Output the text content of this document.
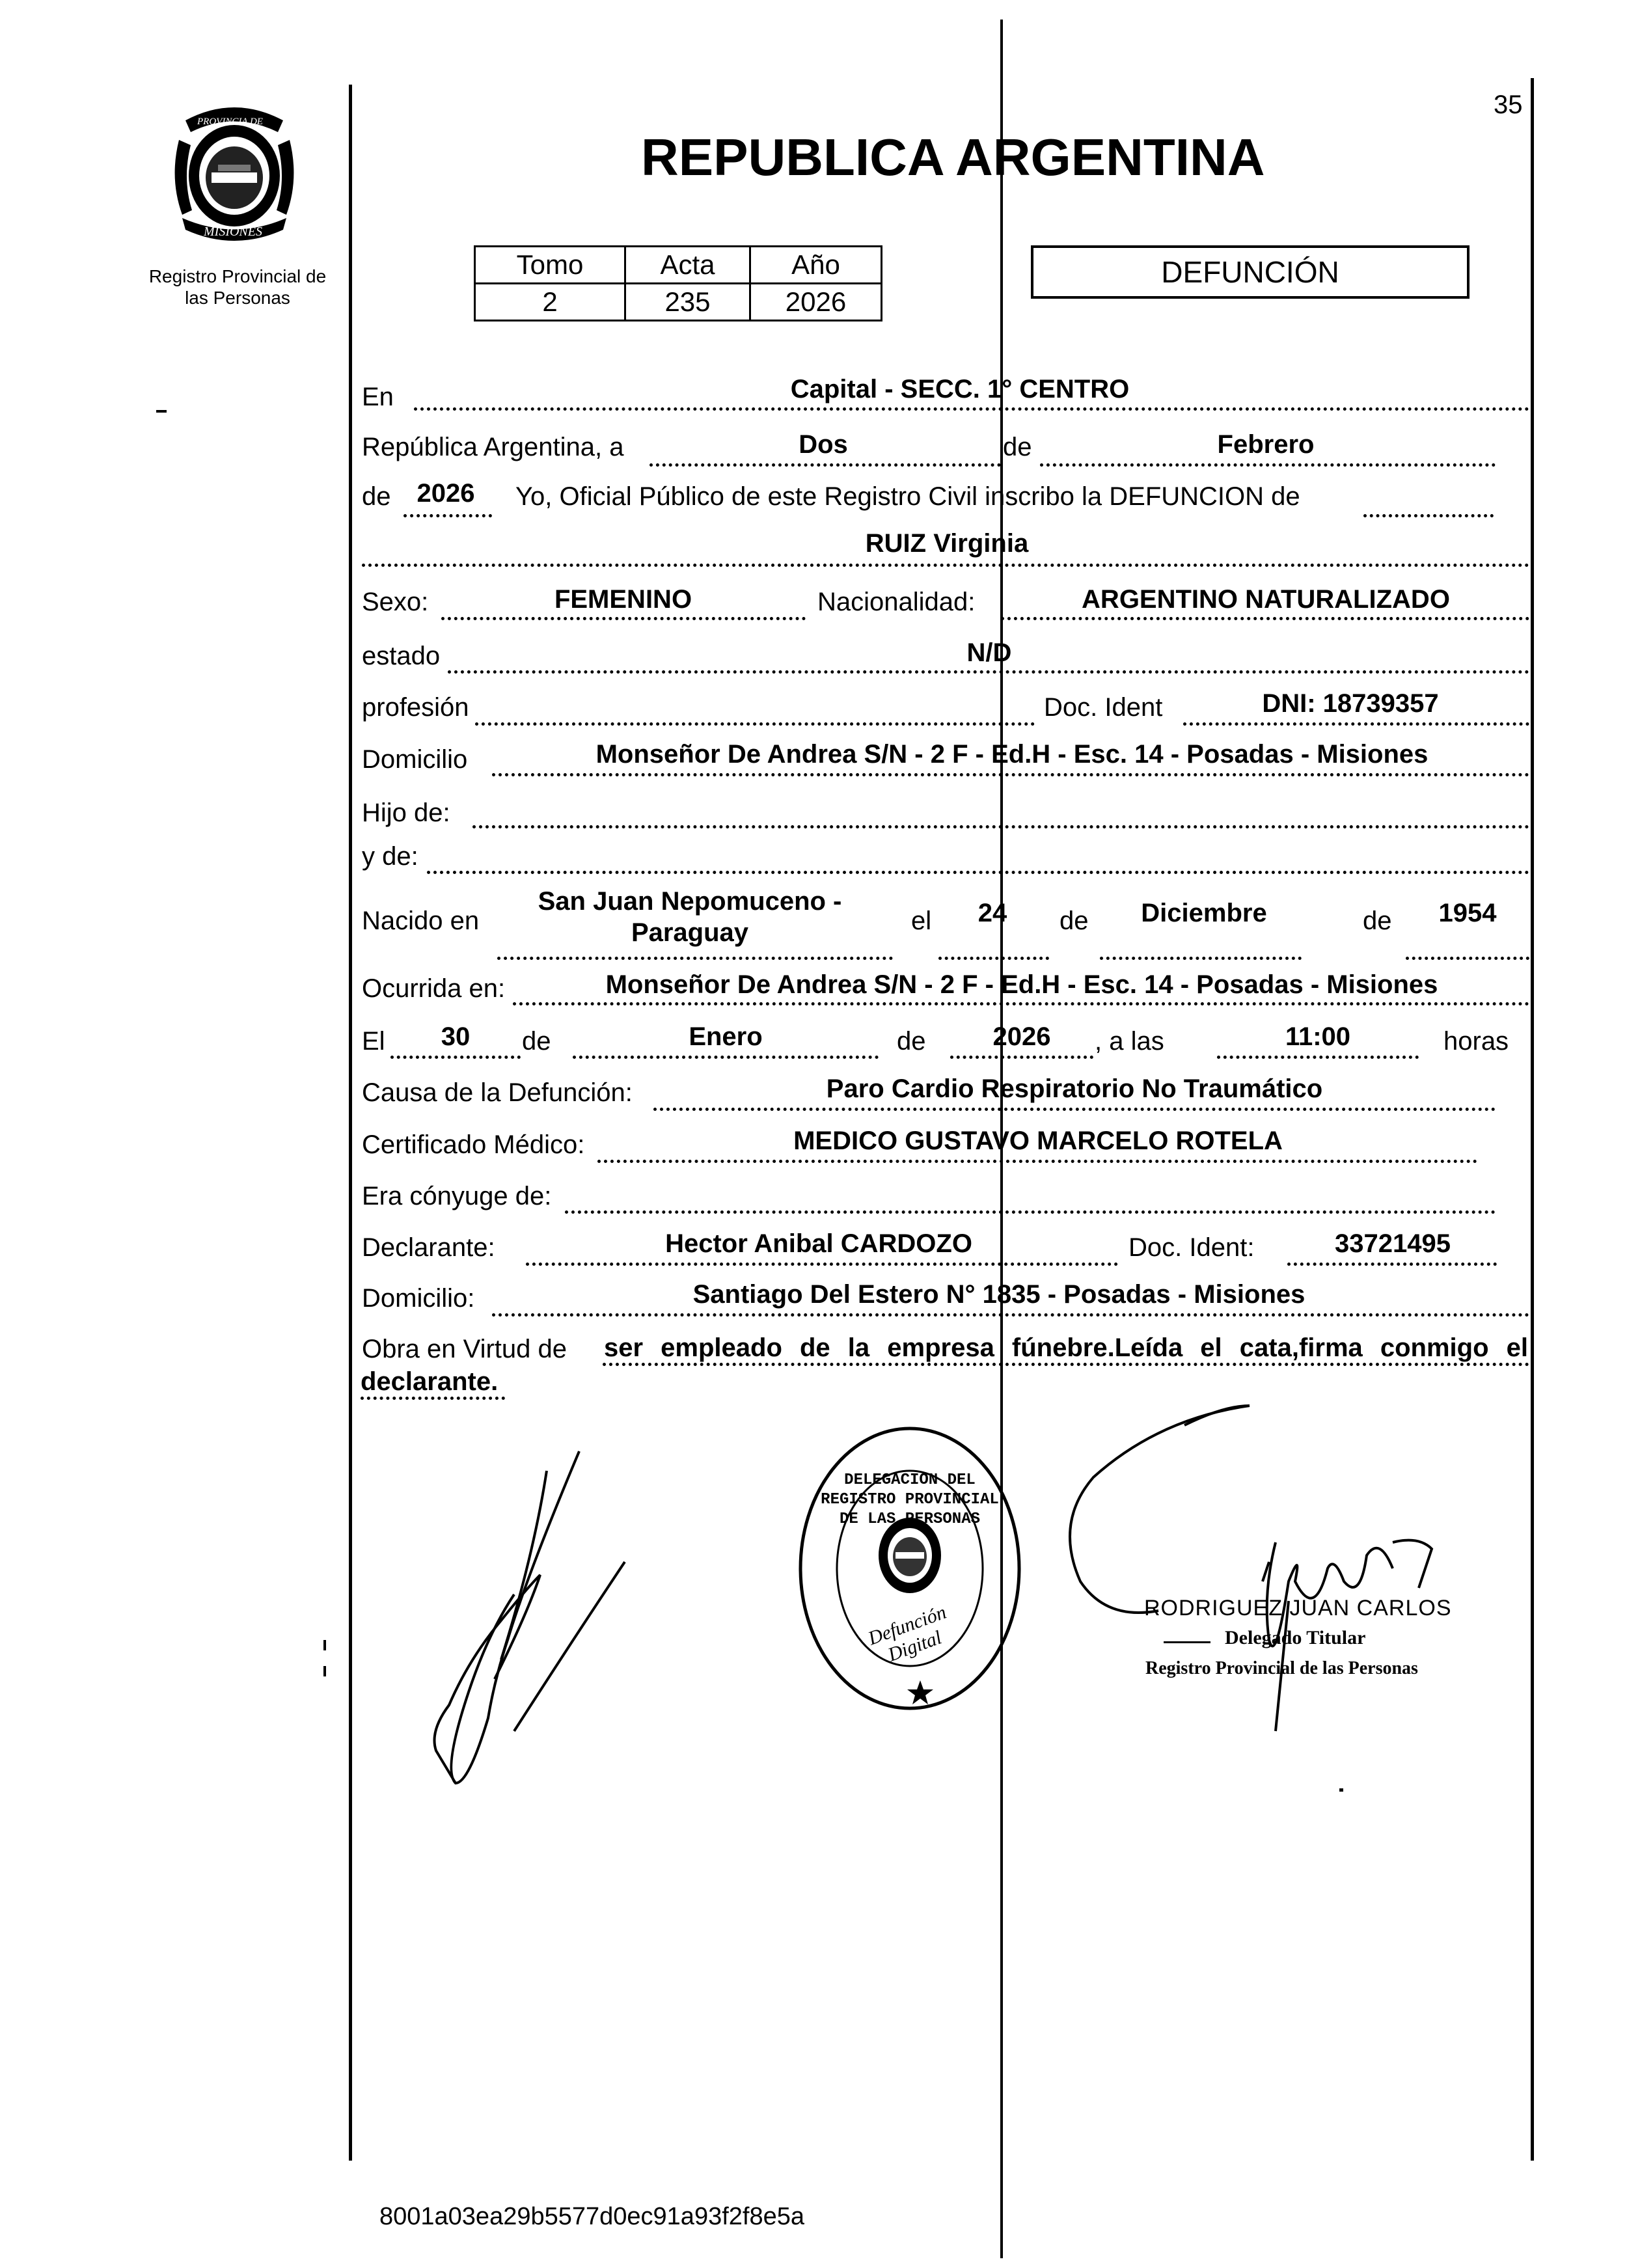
35
PROVINCIA DE
MISIONES
Registro Provincial de
las Personas
REPUBLICA ARGENTINA
Tomo	Acta	Año
2	235	2026
DEFUNCIÓN
En	Capital - SECC. 1° CENTRO
República Argentina, a	Dos	de	Febrero
de	2026	Yo, Oficial Público de este Registro Civil inscribo la DEFUNCION de
RUIZ Virginia
Sexo:	FEMENINO	Nacionalidad:	ARGENTINO NATURALIZADO
estado	N/D
profesión	Doc. Ident	DNI: 18739357
Domicilio	Monseñor De Andrea S/N - 2 F - Ed.H - Esc. 14 - Posadas - Misiones
Hijo de:
y de:
Nacido en
San Juan Nepomuceno -
Paraguay	el	24	de	Diciembre	de	1954
Ocurrida en:	Monseñor De Andrea S/N - 2 F - Ed.H - Esc. 14 - Posadas - Misiones
El	30	de	Enero	de	2026	, a las	11:00	horas
Causa de la Defunción:	Paro Cardio Respiratorio No Traumático
Certificado Médico:	MEDICO GUSTAVO MARCELO ROTELA
Era cónyuge de:
Declarante:	Hector Anibal CARDOZO	Doc. Ident:	33721495
Domicilio:	Santiago Del Estero N° 1835 - Posadas - Misiones
Obra en Virtud de ser empleado de la empresa fúnebre.Leída el cata,firma conmigo el
declarante.
DELEGACION DEL REGISTRO PROVINCIAL DE LAS PERSONAS
Defunción Digital
RODRIGUEZ JUAN CARLOS
Delegado Titular
Registro Provincial de las Personas
8001a03ea29b5577d0ec91a93f2f8e5a
